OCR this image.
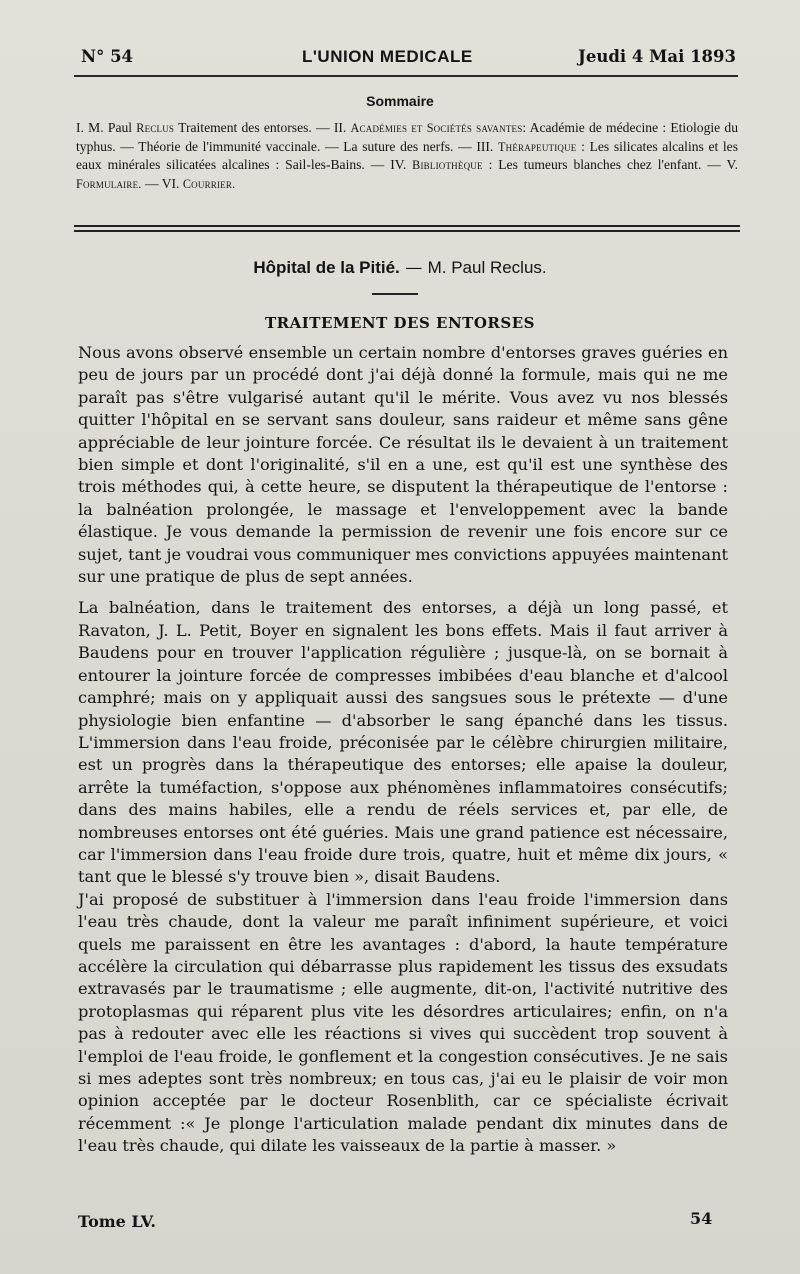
N° 54	L'UNION MEDICALE	Jeudi 4 Mai 1893
Sommaire
I. M. Paul Reclus Traitement des entorses. — II. Académies et Sociétés savantes: Académie de médecine : Etiologie du typhus. — Théorie de l'immunité vaccinale. — La suture des nerfs. — III. Thérapeutique : Les silicates alcalins et les eaux minérales silicatées alcalines : Sail-les-Bains. — IV. Bibliothèque : Les tumeurs blanches chez l'enfant. — V. Formulaire. — VI. Courrier.
Hôpital de la Pitié. — M. Paul Reclus.
TRAITEMENT DES ENTORSES

Nous avons observé ensemble un certain nombre d'entorses graves guéries en peu de jours par un procédé dont j'ai déjà donné la formule, mais qui ne me paraît pas s'être vulgarisé autant qu'il le mérite. Vous avez vu nos blessés quitter l'hôpital en se servant sans douleur, sans raideur et même sans gêne appréciable de leur jointure forcée. Ce résultat ils le devaient à un traitement bien simple et dont l'originalité, s'il en a une, est qu'il est une synthèse des trois méthodes qui, à cette heure, se disputent la thérapeutique de l'entorse : la balnéation prolongée, le massage et l'enveloppement avec la bande élastique. Je vous demande la permission de revenir une fois encore sur ce sujet, tant je voudrai vous communiquer mes convictions appuyées maintenant sur une pratique de plus de sept années.

La balnéation, dans le traitement des entorses, a déjà un long passé, et Ravaton, J. L. Petit, Boyer en signalent les bons effets. Mais il faut arriver à Baudens pour en trouver l'application régulière ; jusque-là, on se bornait à entourer la jointure forcée de compresses imbibées d'eau blanche et d'alcool camphré; mais on y appliquait aussi des sangsues sous le prétexte — d'une physiologie bien enfantine — d'absorber le sang épanché dans les tissus. L'immersion dans l'eau froide, préconisée par le célèbre chirurgien militaire, est un progrès dans la thérapeutique des entorses; elle apaise la douleur, arrête la tuméfaction, s'oppose aux phénomènes inflammatoires consécutifs; dans des mains habiles, elle a rendu de réels services et, par elle, de nombreuses entorses ont été guéries. Mais une grand patience est nécessaire, car l'immersion dans l'eau froide dure trois, quatre, huit et même dix jours, « tant que le blessé s'y trouve bien », disait Baudens.

J'ai proposé de substituer à l'immersion dans l'eau froide l'immersion dans l'eau très chaude, dont la valeur me paraît infiniment supérieure, et voici quels me paraissent en être les avantages : d'abord, la haute température accélère la circulation qui débarrasse plus rapidement les tissus des exsudats extravasés par le traumatisme ; elle augmente, dit-on, l'activité nutritive des protoplasmas qui réparent plus vite les désordres articulaires; enfin, on n'a pas à redouter avec elle les réactions si vives qui succèdent trop souvent à l'emploi de l'eau froide, le gonflement et la congestion consécutives. Je ne sais si mes adeptes sont très nombreux; en tous cas, j'ai eu le plaisir de voir mon opinion acceptée par le docteur Rosenblith, car ce spécialiste écrivait récemment :« Je plonge l'articulation malade pendant dix minutes dans de l'eau très chaude, qui dilate les vaisseaux de la partie à masser. »

Tome LV.	54
